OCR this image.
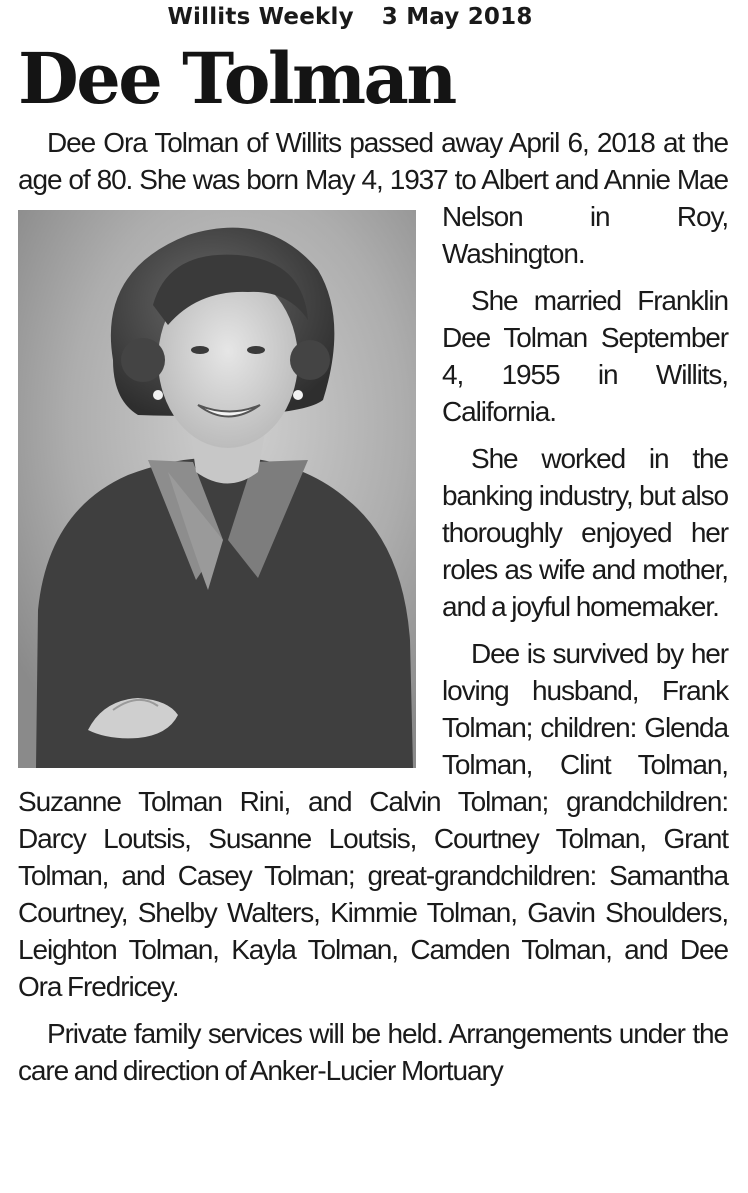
Willits Weekly 3 May 2018
Dee Tolman

Dee Ora Tolman of Willits passed away April 6, 2018 at the age of 80. She was born May 4, 1937 to Albert and Annie Mae Nelson in Roy, Washington.

She married Franklin Dee Tolman September 4, 1955 in Willits, California.

She worked in the banking industry, but also thoroughly enjoyed her roles as wife and mother, and a joyful homemaker.

Dee is survived by her loving husband, Frank Tolman; children: Glenda Tolman, Clint Tolman, Suzanne Tolman Rini, and Calvin Tolman; grandchildren: Darcy Loutsis, Susanne Loutsis, Courtney Tolman, Grant Tolman, and Casey Tolman; great-grandchildren: Samantha Courtney, Shelby Walters, Kimmie Tolman, Gavin Shoulders, Leighton Tolman, Kayla Tolman, Camden Tolman, and Dee Ora Fredricey.

Private family services will be held. Arrangements under the care and direction of Anker-Lucier Mortuary
